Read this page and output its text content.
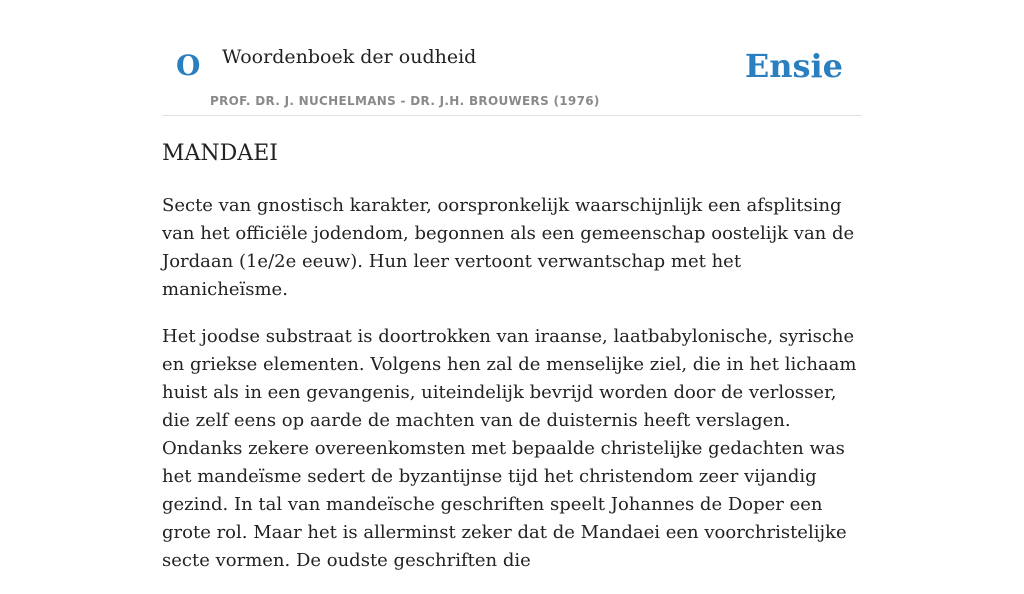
O Woordenboek der oudheid
PROF. DR. J. NUCHELMANS - DR. J.H. BROUWERS (1976)
Ensie
MANDAEI

Secte van gnostisch karakter, oorspronkelijk waarschijnlijk een afsplitsing van het officiële jodendom, begonnen als een gemeenschap oostelijk van de Jordaan (1e/2e eeuw). Hun leer vertoont verwantschap met het manicheïsme.

Het joodse substraat is doortrokken van iraanse, laatbabylonische, syrische en griekse elementen. Volgens hen zal de menselijke ziel, die in het lichaam huist als in een gevangenis, uiteindelijk bevrijd worden door de verlosser, die zelf eens op aarde de machten van de duisternis heeft verslagen. Ondanks zekere overeenkomsten met bepaalde christelijke gedachten was het mandeïsme sedert de byzantijnse tijd het christendom zeer vijandig gezind. In tal van mandeïsche geschriften speelt Johannes de Doper een grote rol. Maar het is allerminst zeker dat de Mandaei een voorchristelijke secte vormen. De oudste geschriften die
